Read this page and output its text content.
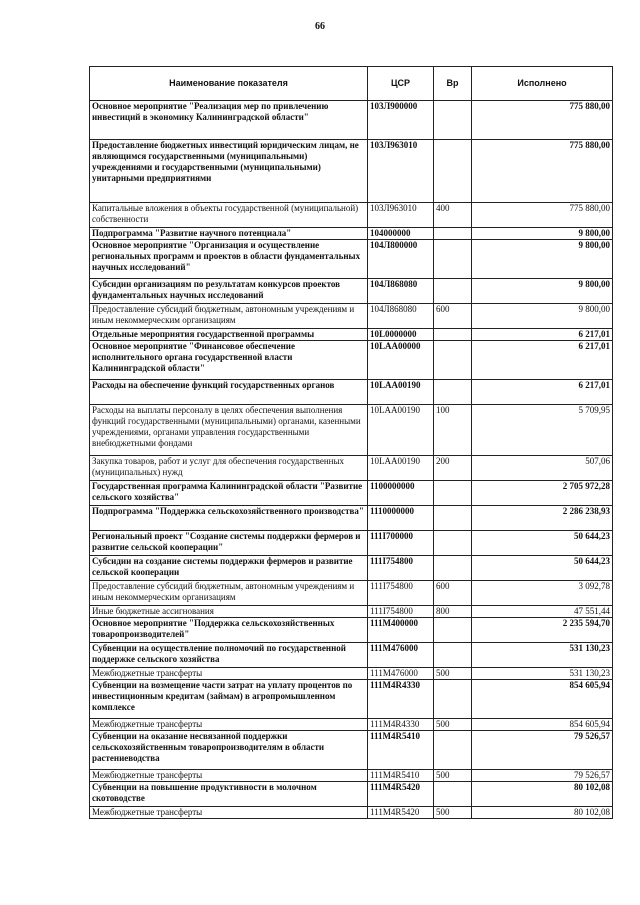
66
Наименование показателя	ЦСР	Вр	Исполнено
Основное мероприятие "Реализация мер по привлечению инвестиций в экономику Калининградской области"	103Л900000		775 880,00
Предоставление бюджетных инвестиций юридическим лицам, не являющимся государственными (муниципальными) учреждениями и государственными (муниципальными) унитарными предприятиями	103Л963010		775 880,00
Капитальные вложения в объекты государственной (муниципальной) собственности	103Л963010	400	775 880,00
Подпрограмма "Развитие научного потенциала"	104000000		9 800,00
Основное мероприятие "Организация и осуществление региональных программ и проектов в области фундаментальных научных исследований"	104Л800000		9 800,00
Субсидии организациям по результатам конкурсов проектов фундаментальных научных исследований	104Л868080		9 800,00
Предоставление субсидий бюджетным, автономным учреждениям и иным некоммерческим организациям	104Л868080	600	9 800,00
Отдельные мероприятия государственной программы	10L0000000		6 217,01
Основное мероприятие "Финансовое обеспечение исполнительного органа государственной власти Калининградской области"	10LAA00000		6 217,01
Расходы на обеспечение функций государственных органов	10LAA00190		6 217,01
Расходы на выплаты персоналу в целях обеспечения выполнения функций государственными (муниципальными) органами, казенными учреждениями, органами управления государственными внебюджетными фондами	10LAA00190	100	5 709,95
Закупка товаров, работ и услуг для обеспечения государственных (муниципальных) нужд	10LAA00190	200	507,06
Государственная программа Калининградской области "Развитие сельского хозяйства"	1100000000		2 705 972,28
Подпрограмма "Поддержка сельскохозяйственного производства"	1110000000		2 286 238,93
Региональный проект "Создание системы поддержки фермеров и развитие сельской кооперации"	111I700000		50 644,23
Субсидии на создание системы поддержки фермеров и развитие сельской кооперации	111I754800		50 644,23
Предоставление субсидий бюджетным, автономным учреждениям и иным некоммерческим организациям	111I754800	600	3 092,78
Иные бюджетные ассигнования	111I754800	800	47 551,44
Основное мероприятие "Поддержка сельскохозяйственных товаропроизводителей"	111М400000		2 235 594,70
Субвенции на осуществление полномочий по государственной поддержке сельского хозяйства	111М476000		531 130,23
Межбюджетные трансферты	111М476000	500	531 130,23
Субвенции на возмещение части затрат на уплату процентов по инвестиционным кредитам (займам) в агропромышленном комплексе	111М4R4330		854 605,94
Межбюджетные трансферты	111М4R4330	500	854 605,94
Субвенции на оказание несвязанной поддержки сельскохозяйственным товаропроизводителям в области растениеводства	111М4R5410		79 526,57
Межбюджетные трансферты	111М4R5410	500	79 526,57
Субвенции на повышение продуктивности в молочном скотоводстве	111М4R5420		80 102,08
Межбюджетные трансферты	111М4R5420	500	80 102,08
